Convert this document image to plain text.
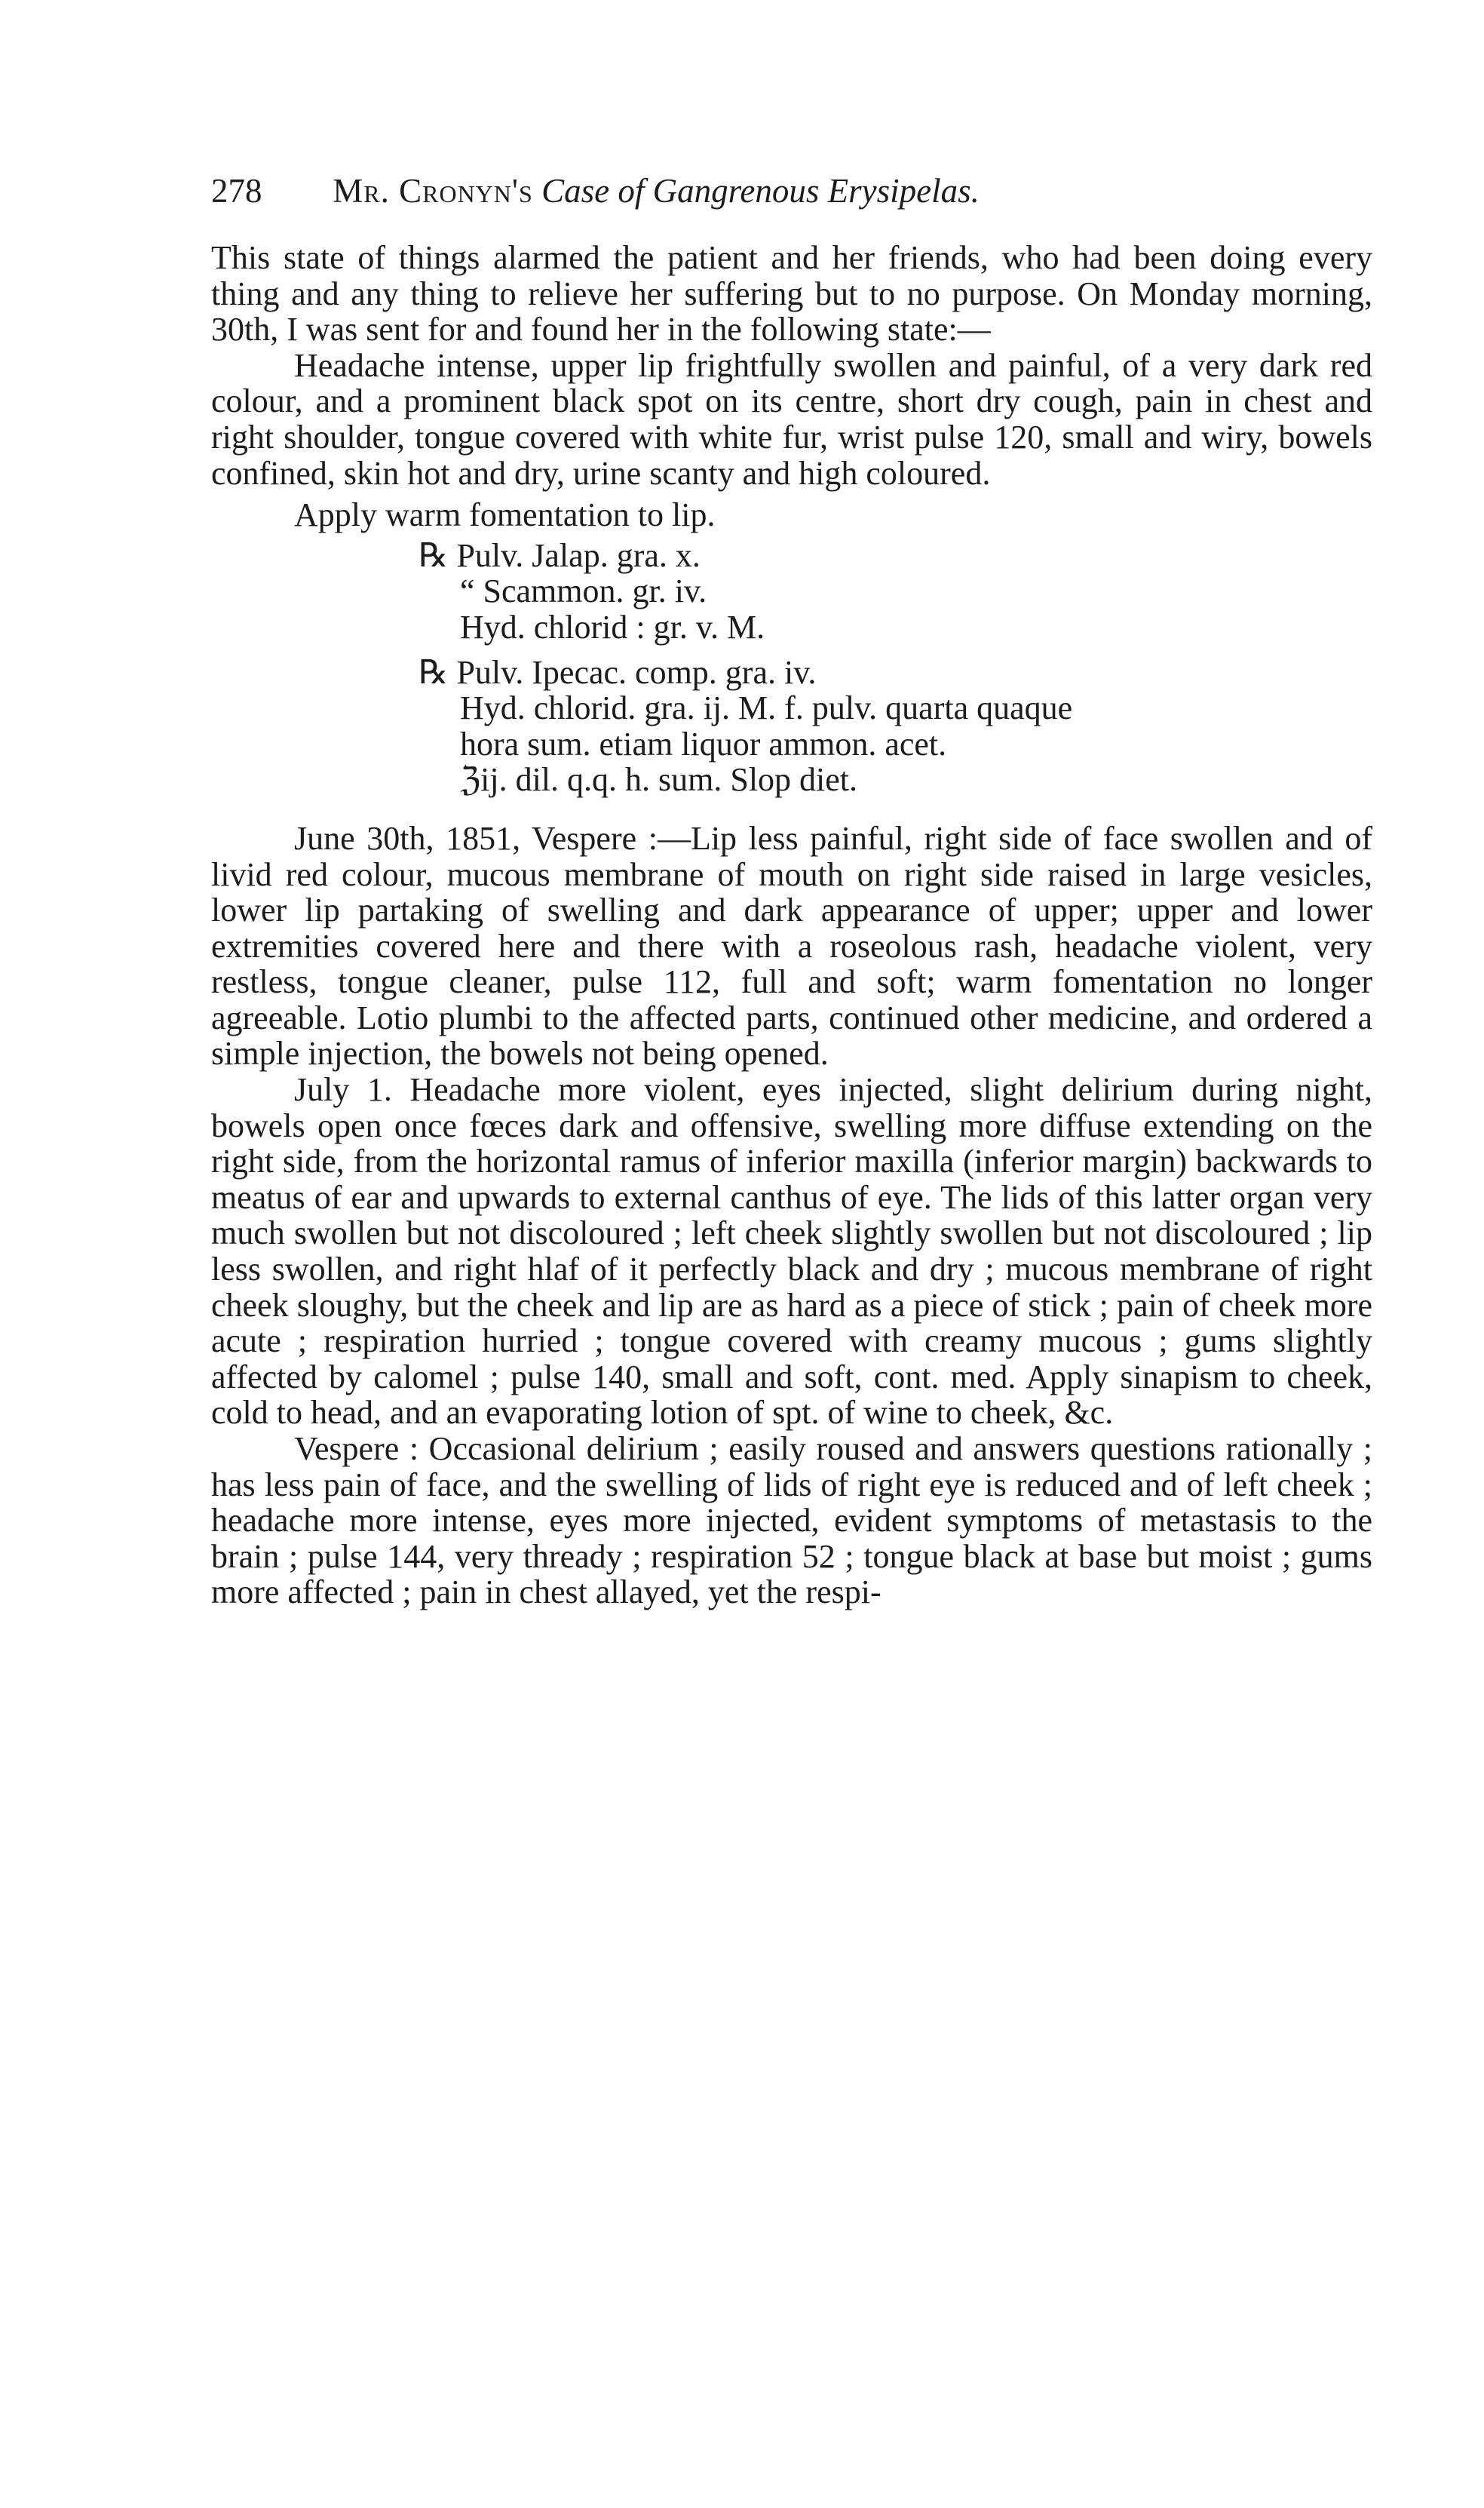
278 Mr. Cronyn's Case of Gangrenous Erysipelas.

This state of things alarmed the patient and her friends, who had been doing every thing and any thing to relieve her suffering but to no purpose. On Monday morning, 30th, I was sent for and found her in the following state:—

Headache intense, upper lip frightfully swollen and painful, of a very dark red colour, and a prominent black spot on its centre, short dry cough, pain in chest and right shoulder, tongue covered with white fur, wrist pulse 120, small and wiry, bowels confined, skin hot and dry, urine scanty and high coloured.

Apply warm fomentation to lip.

℞ Pulv. Jalap. gra. x.

“ Scammon. gr. iv.

Hyd. chlorid : gr. v. M.

℞ Pulv. Ipecac. comp. gra. iv.

Hyd. chlorid. gra. ij. M. f. pulv. quarta quaque

hora sum. etiam liquor ammon. acet.

ℨij. dil. q.q. h. sum. Slop diet.

June 30th, 1851, Vespere :—Lip less painful, right side of face swollen and of livid red colour, mucous membrane of mouth on right side raised in large vesicles, lower lip partaking of swelling and dark appearance of upper; upper and lower extremities covered here and there with a roseolous rash, headache violent, very restless, tongue cleaner, pulse 112, full and soft; warm fomentation no longer agreeable. Lotio plumbi to the affected parts, continued other medicine, and ordered a simple injection, the bowels not being opened.

July 1. Headache more violent, eyes injected, slight delirium during night, bowels open once fœces dark and offensive, swelling more diffuse extending on the right side, from the horizontal ramus of inferior maxilla (inferior margin) backwards to meatus of ear and upwards to external canthus of eye. The lids of this latter organ very much swollen but not discoloured ; left cheek slightly swollen but not discoloured ; lip less swollen, and right hlaf of it perfectly black and dry ; mucous membrane of right cheek sloughy, but the cheek and lip are as hard as a piece of stick ; pain of cheek more acute ; respiration hurried ; tongue covered with creamy mucous ; gums slightly affected by calomel ; pulse 140, small and soft, cont. med. Apply sinapism to cheek, cold to head, and an evaporating lotion of spt. of wine to cheek, &c.

Vespere : Occasional delirium ; easily roused and answers questions rationally ; has less pain of face, and the swelling of lids of right eye is reduced and of left cheek ; headache more intense, eyes more injected, evident symptoms of metastasis to the brain ; pulse 144, very thready ; respiration 52 ; tongue black at base but moist ; gums more affected ; pain in chest allayed, yet the respi-
